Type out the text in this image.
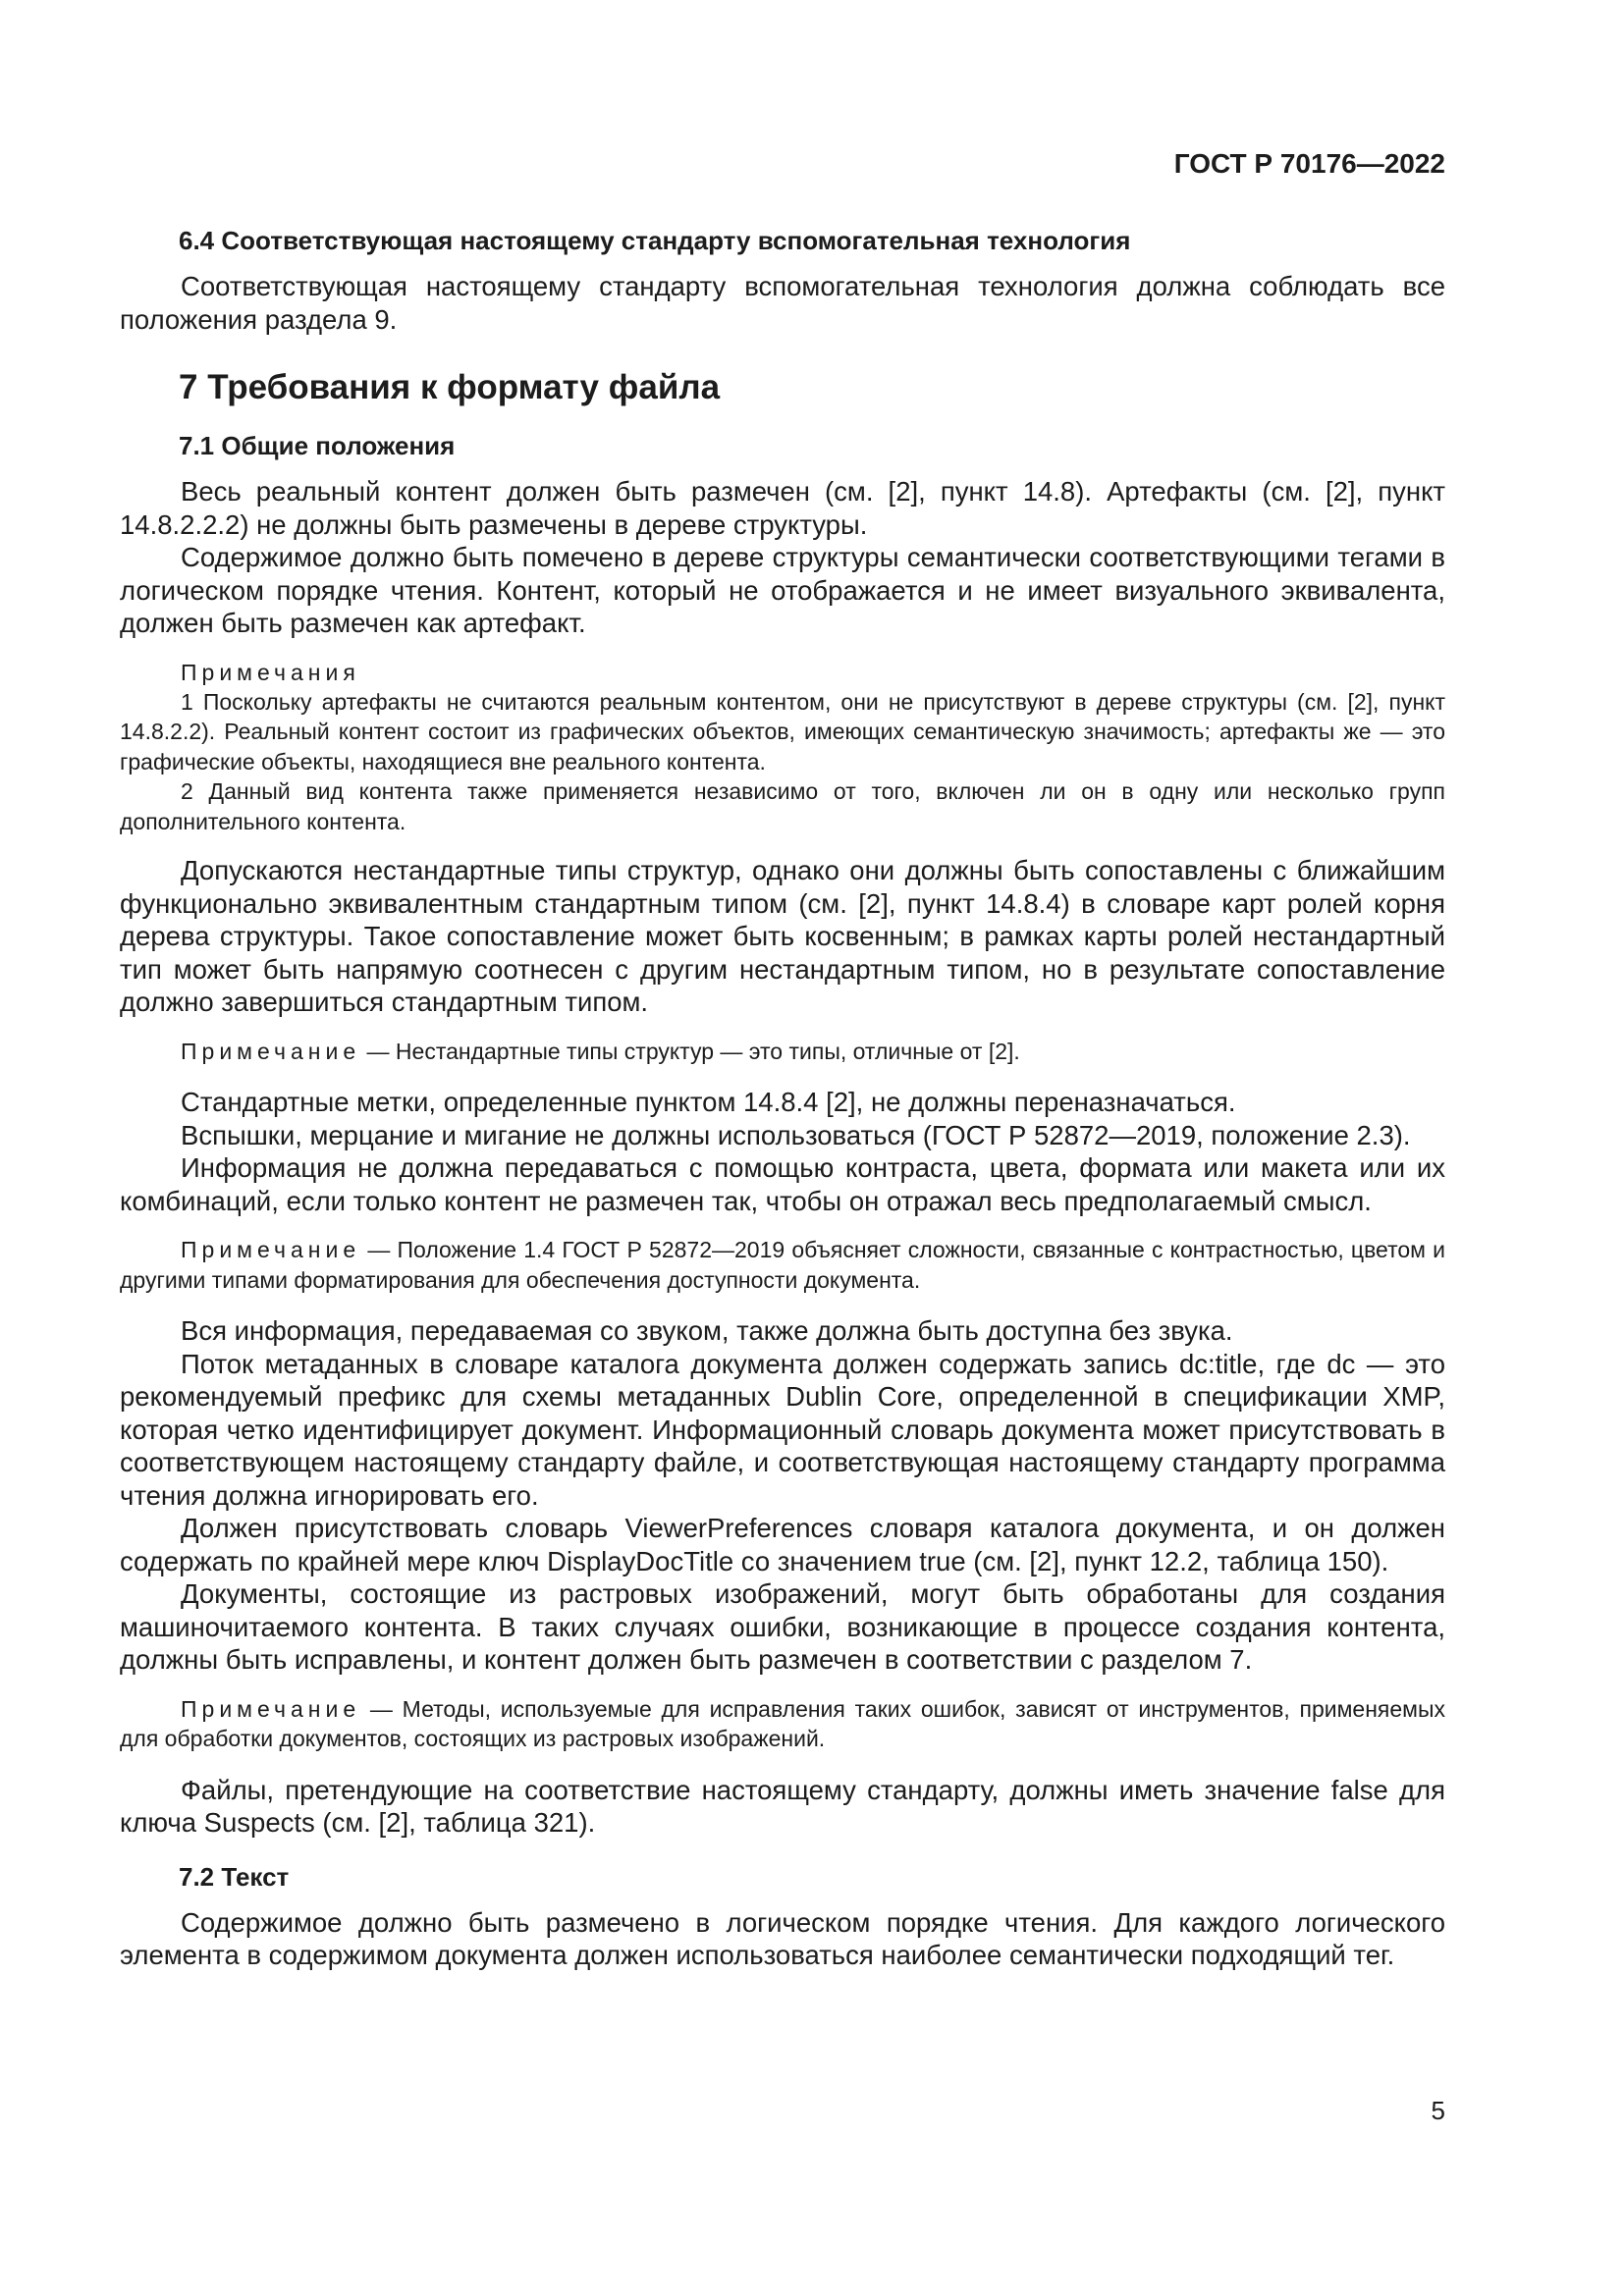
ГОСТ Р 70176—2022
6.4 Соответствующая настоящему стандарту вспомогательная технология

Соответствующая настоящему стандарту вспомогательная технология должна соблюдать все положения раздела 9.

7 Требования к формату файла
7.1 Общие положения

Весь реальный контент должен быть размечен (см. [2], пункт 14.8). Артефакты (см. [2], пункт 14.8.2.2.2) не должны быть размечены в дереве структуры.

Содержимое должно быть помечено в дереве структуры семантически соответствующими тегами в логическом порядке чтения. Контент, который не отображается и не имеет визуального эквивалента, должен быть размечен как артефакт.

Примечания

1 Поскольку артефакты не считаются реальным контентом, они не присутствуют в дереве структуры (см. [2], пункт 14.8.2.2). Реальный контент состоит из графических объектов, имеющих семантическую значимость; артефакты же — это графические объекты, находящиеся вне реального контента.

2 Данный вид контента также применяется независимо от того, включен ли он в одну или несколько групп дополнительного контента.

Допускаются нестандартные типы структур, однако они должны быть сопоставлены с ближайшим функционально эквивалентным стандартным типом (см. [2], пункт 14.8.4) в словаре карт ролей корня дерева структуры. Такое сопоставление может быть косвенным; в рамках карты ролей нестандартный тип может быть напрямую соотнесен с другим нестандартным типом, но в результате сопоставление должно завершиться стандартным типом.

Примечание — Нестандартные типы структур — это типы, отличные от [2].

Стандартные метки, определенные пунктом 14.8.4 [2], не должны переназначаться.

Вспышки, мерцание и мигание не должны использоваться (ГОСТ Р 52872—2019, положение 2.3).

Информация не должна передаваться с помощью контраста, цвета, формата или макета или их комбинаций, если только контент не размечен так, чтобы он отражал весь предполагаемый смысл.

Примечание — Положение 1.4 ГОСТ Р 52872—2019 объясняет сложности, связанные с контрастностью, цветом и другими типами форматирования для обеспечения доступности документа.

Вся информация, передаваемая со звуком, также должна быть доступна без звука.

Поток метаданных в словаре каталога документа должен содержать запись dc:title, где dc — это рекомендуемый префикс для схемы метаданных Dublin Core, определенной в спецификации XMP, которая четко идентифицирует документ. Информационный словарь документа может присутствовать в соответствующем настоящему стандарту файле, и соответствующая настоящему стандарту программа чтения должна игнорировать его.

Должен присутствовать словарь ViewerPreferences словаря каталога документа, и он должен содержать по крайней мере ключ DisplayDocTitle со значением true (см. [2], пункт 12.2, таблица 150).

Документы, состоящие из растровых изображений, могут быть обработаны для создания машиночитаемого контента. В таких случаях ошибки, возникающие в процессе создания контента, должны быть исправлены, и контент должен быть размечен в соответствии с разделом 7.

Примечание — Методы, используемые для исправления таких ошибок, зависят от инструментов, применяемых для обработки документов, состоящих из растровых изображений.

Файлы, претендующие на соответствие настоящему стандарту, должны иметь значение false для ключа Suspects (см. [2], таблица 321).

7.2 Текст

Содержимое должно быть размечено в логическом порядке чтения. Для каждого логического элемента в содержимом документа должен использоваться наиболее семантически подходящий тег.

5
